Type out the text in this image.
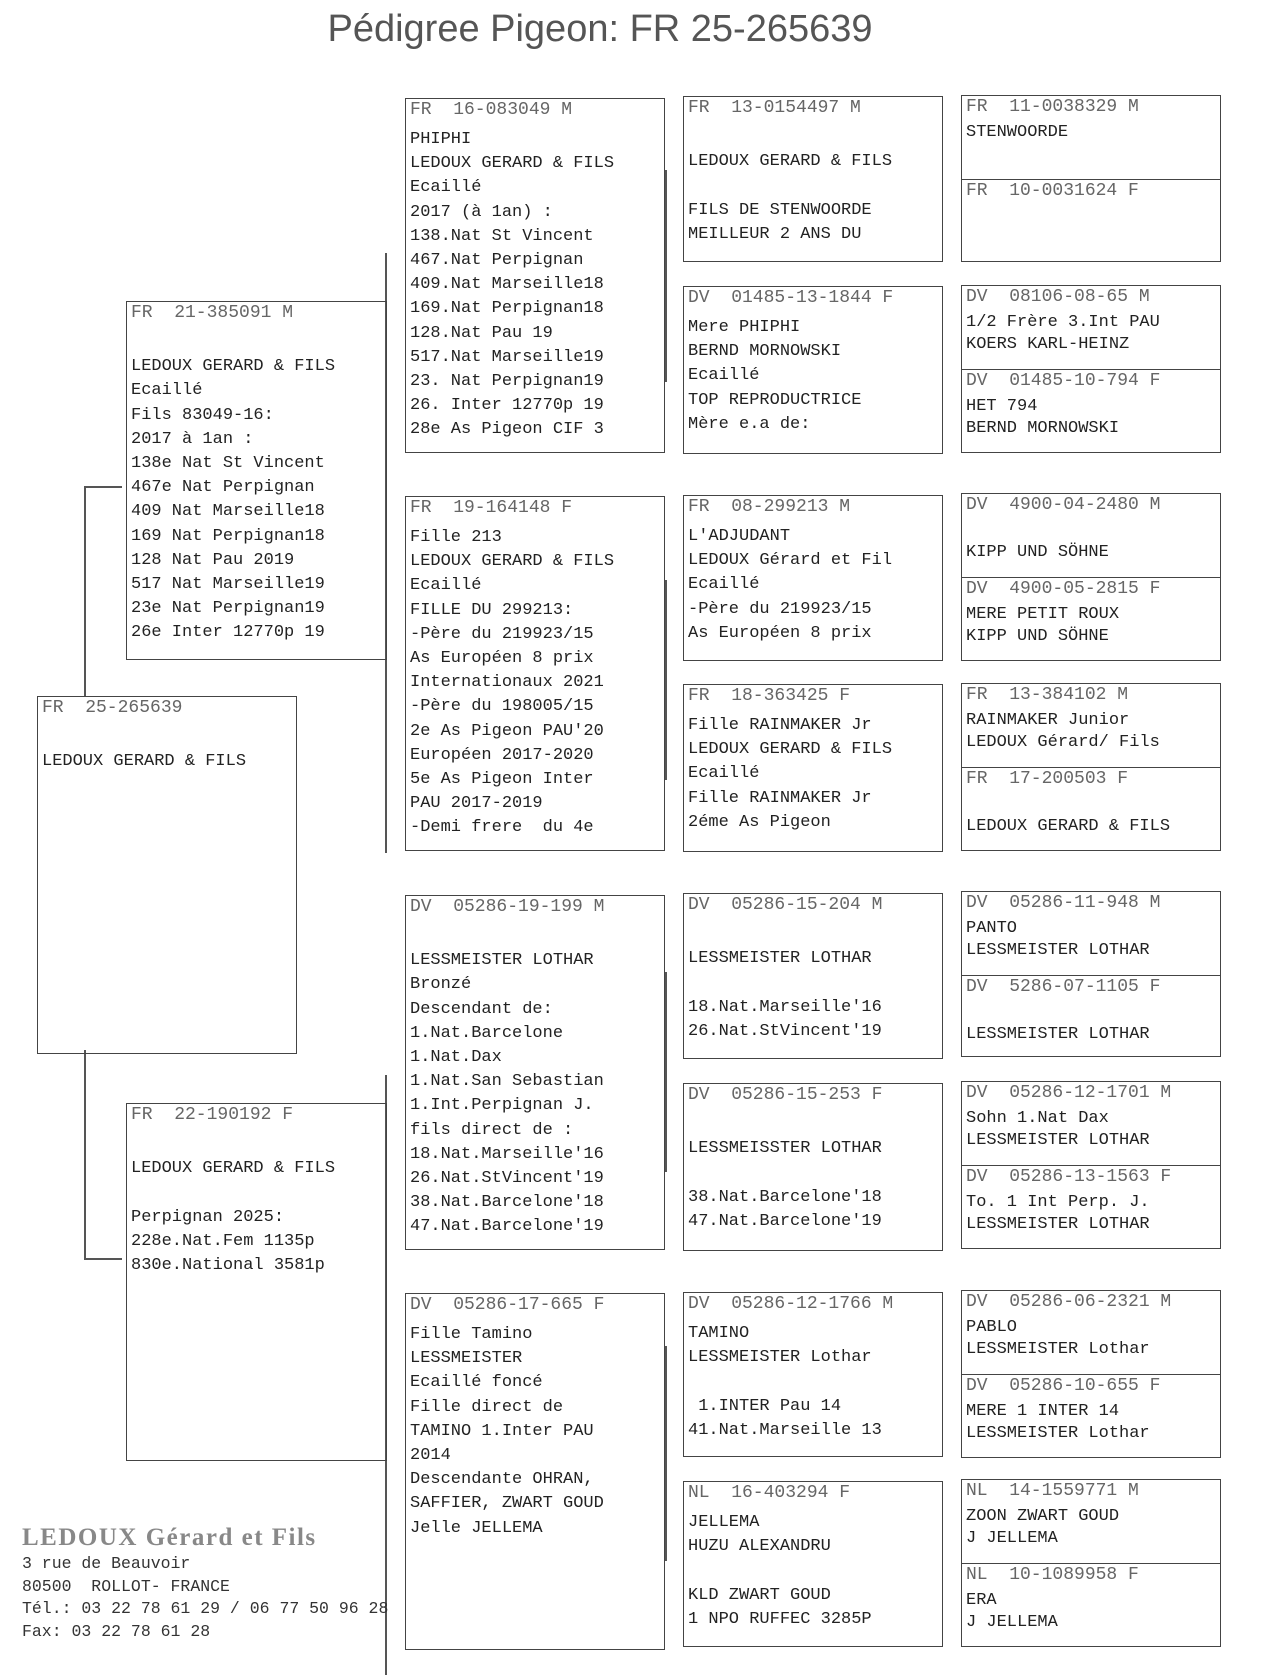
Pédigree Pigeon: FR 25-265639
FR  25-265639

LEDOUX GERARD & FILS
FR  21-385091 M

LEDOUX GERARD & FILS
Ecaillé
Fils 83049-16:
2017 à 1an :
138e Nat St Vincent
467e Nat Perpignan
409 Nat Marseille18
169 Nat Perpignan18
128 Nat Pau 2019
517 Nat Marseille19
23e Nat Perpignan19
26e Inter 12770p 19
FR  22-190192 F

LEDOUX GERARD & FILS

Perpignan 2025:
228e.Nat.Fem 1135p
830e.National 3581p
FR  16-083049 M
PHIPHI
LEDOUX GERARD & FILS
Ecaillé
2017 (à 1an) :
138.Nat St Vincent
467.Nat Perpignan
409.Nat Marseille18
169.Nat Perpignan18
128.Nat Pau 19
517.Nat Marseille19
23. Nat Perpignan19
26. Inter 12770p 19
28e As Pigeon CIF 3
FR  19-164148 F
Fille 213
LEDOUX GERARD & FILS
Ecaillé
FILLE DU 299213:
-Père du 219923/15
As Européen 8 prix
Internationaux 2021
-Père du 198005/15
2e As Pigeon PAU'20
Européen 2017-2020
5e As Pigeon Inter
PAU 2017-2019
-Demi frere  du 4e
DV  05286-19-199 M

LESSMEISTER LOTHAR
Bronzé
Descendant de:
1.Nat.Barcelone
1.Nat.Dax
1.Nat.San Sebastian
1.Int.Perpignan J.
fils direct de :
18.Nat.Marseille'16
26.Nat.StVincent'19
38.Nat.Barcelone'18
47.Nat.Barcelone'19
DV  05286-17-665 F
Fille Tamino
LESSMEISTER
Ecaillé foncé
Fille direct de
TAMINO 1.Inter PAU
2014
Descendante OHRAN,
SAFFIER, ZWART GOUD
Jelle JELLEMA
FR  13-0154497 M

LEDOUX GERARD & FILS

FILS DE STENWOORDE
MEILLEUR 2 ANS DU
DV  01485-13-1844 F
Mere PHIPHI
BERND MORNOWSKI
Ecaillé
TOP REPRODUCTRICE
Mère e.a de:
FR  08-299213 M
L'ADJUDANT
LEDOUX Gérard et Fil
Ecaillé
-Père du 219923/15
As Européen 8 prix
FR  18-363425 F
Fille RAINMAKER Jr
LEDOUX GERARD & FILS
Ecaillé
Fille RAINMAKER Jr
2éme As Pigeon
DV  05286-15-204 M

LESSMEISTER LOTHAR

18.Nat.Marseille'16
26.Nat.StVincent'19
DV  05286-15-253 F

LESSMEISSTER LOTHAR

38.Nat.Barcelone'18
47.Nat.Barcelone'19
DV  05286-12-1766 M
TAMINO
LESSMEISTER Lothar

1.INTER Pau 14
41.Nat.Marseille 13
NL  16-403294 F
JELLEMA
HUZU ALEXANDRU

KLD ZWART GOUD
1 NPO RUFFEC 3285P
FR  11-0038329 M
STENWOORDE
FR  10-0031624 F
DV  08106-08-65 M
1/2 Frère 3.Int PAU
KOERS KARL-HEINZ
DV  01485-10-794 F
HET 794
BERND MORNOWSKI
DV  4900-04-2480 M

KIPP UND SÖHNE
DV  4900-05-2815 F
MERE PETIT ROUX
KIPP UND SÖHNE
FR  13-384102 M
RAINMAKER Junior
LEDOUX Gérard/ Fils
FR  17-200503 F

LEDOUX GERARD & FILS
DV  05286-11-948 M
PANTO
LESSMEISTER LOTHAR
DV  5286-07-1105 F

LESSMEISTER LOTHAR
DV  05286-12-1701 M
Sohn 1.Nat Dax
LESSMEISTER LOTHAR
DV  05286-13-1563 F
To. 1 Int Perp. J.
LESSMEISTER LOTHAR
DV  05286-06-2321 M
PABLO
LESSMEISTER Lothar
DV  05286-10-655 F
MERE 1 INTER 14
LESSMEISTER Lothar
NL  14-1559771 M
ZOON ZWART GOUD
J JELLEMA
NL  10-1089958 F
ERA
J JELLEMA
LEDOUX Gérard et Fils
3 rue de Beauvoir
80500  ROLLOT- FRANCE
Tél.: 03 22 78 61 29 / 06 77 50 96 28
Fax: 03 22 78 61 28
